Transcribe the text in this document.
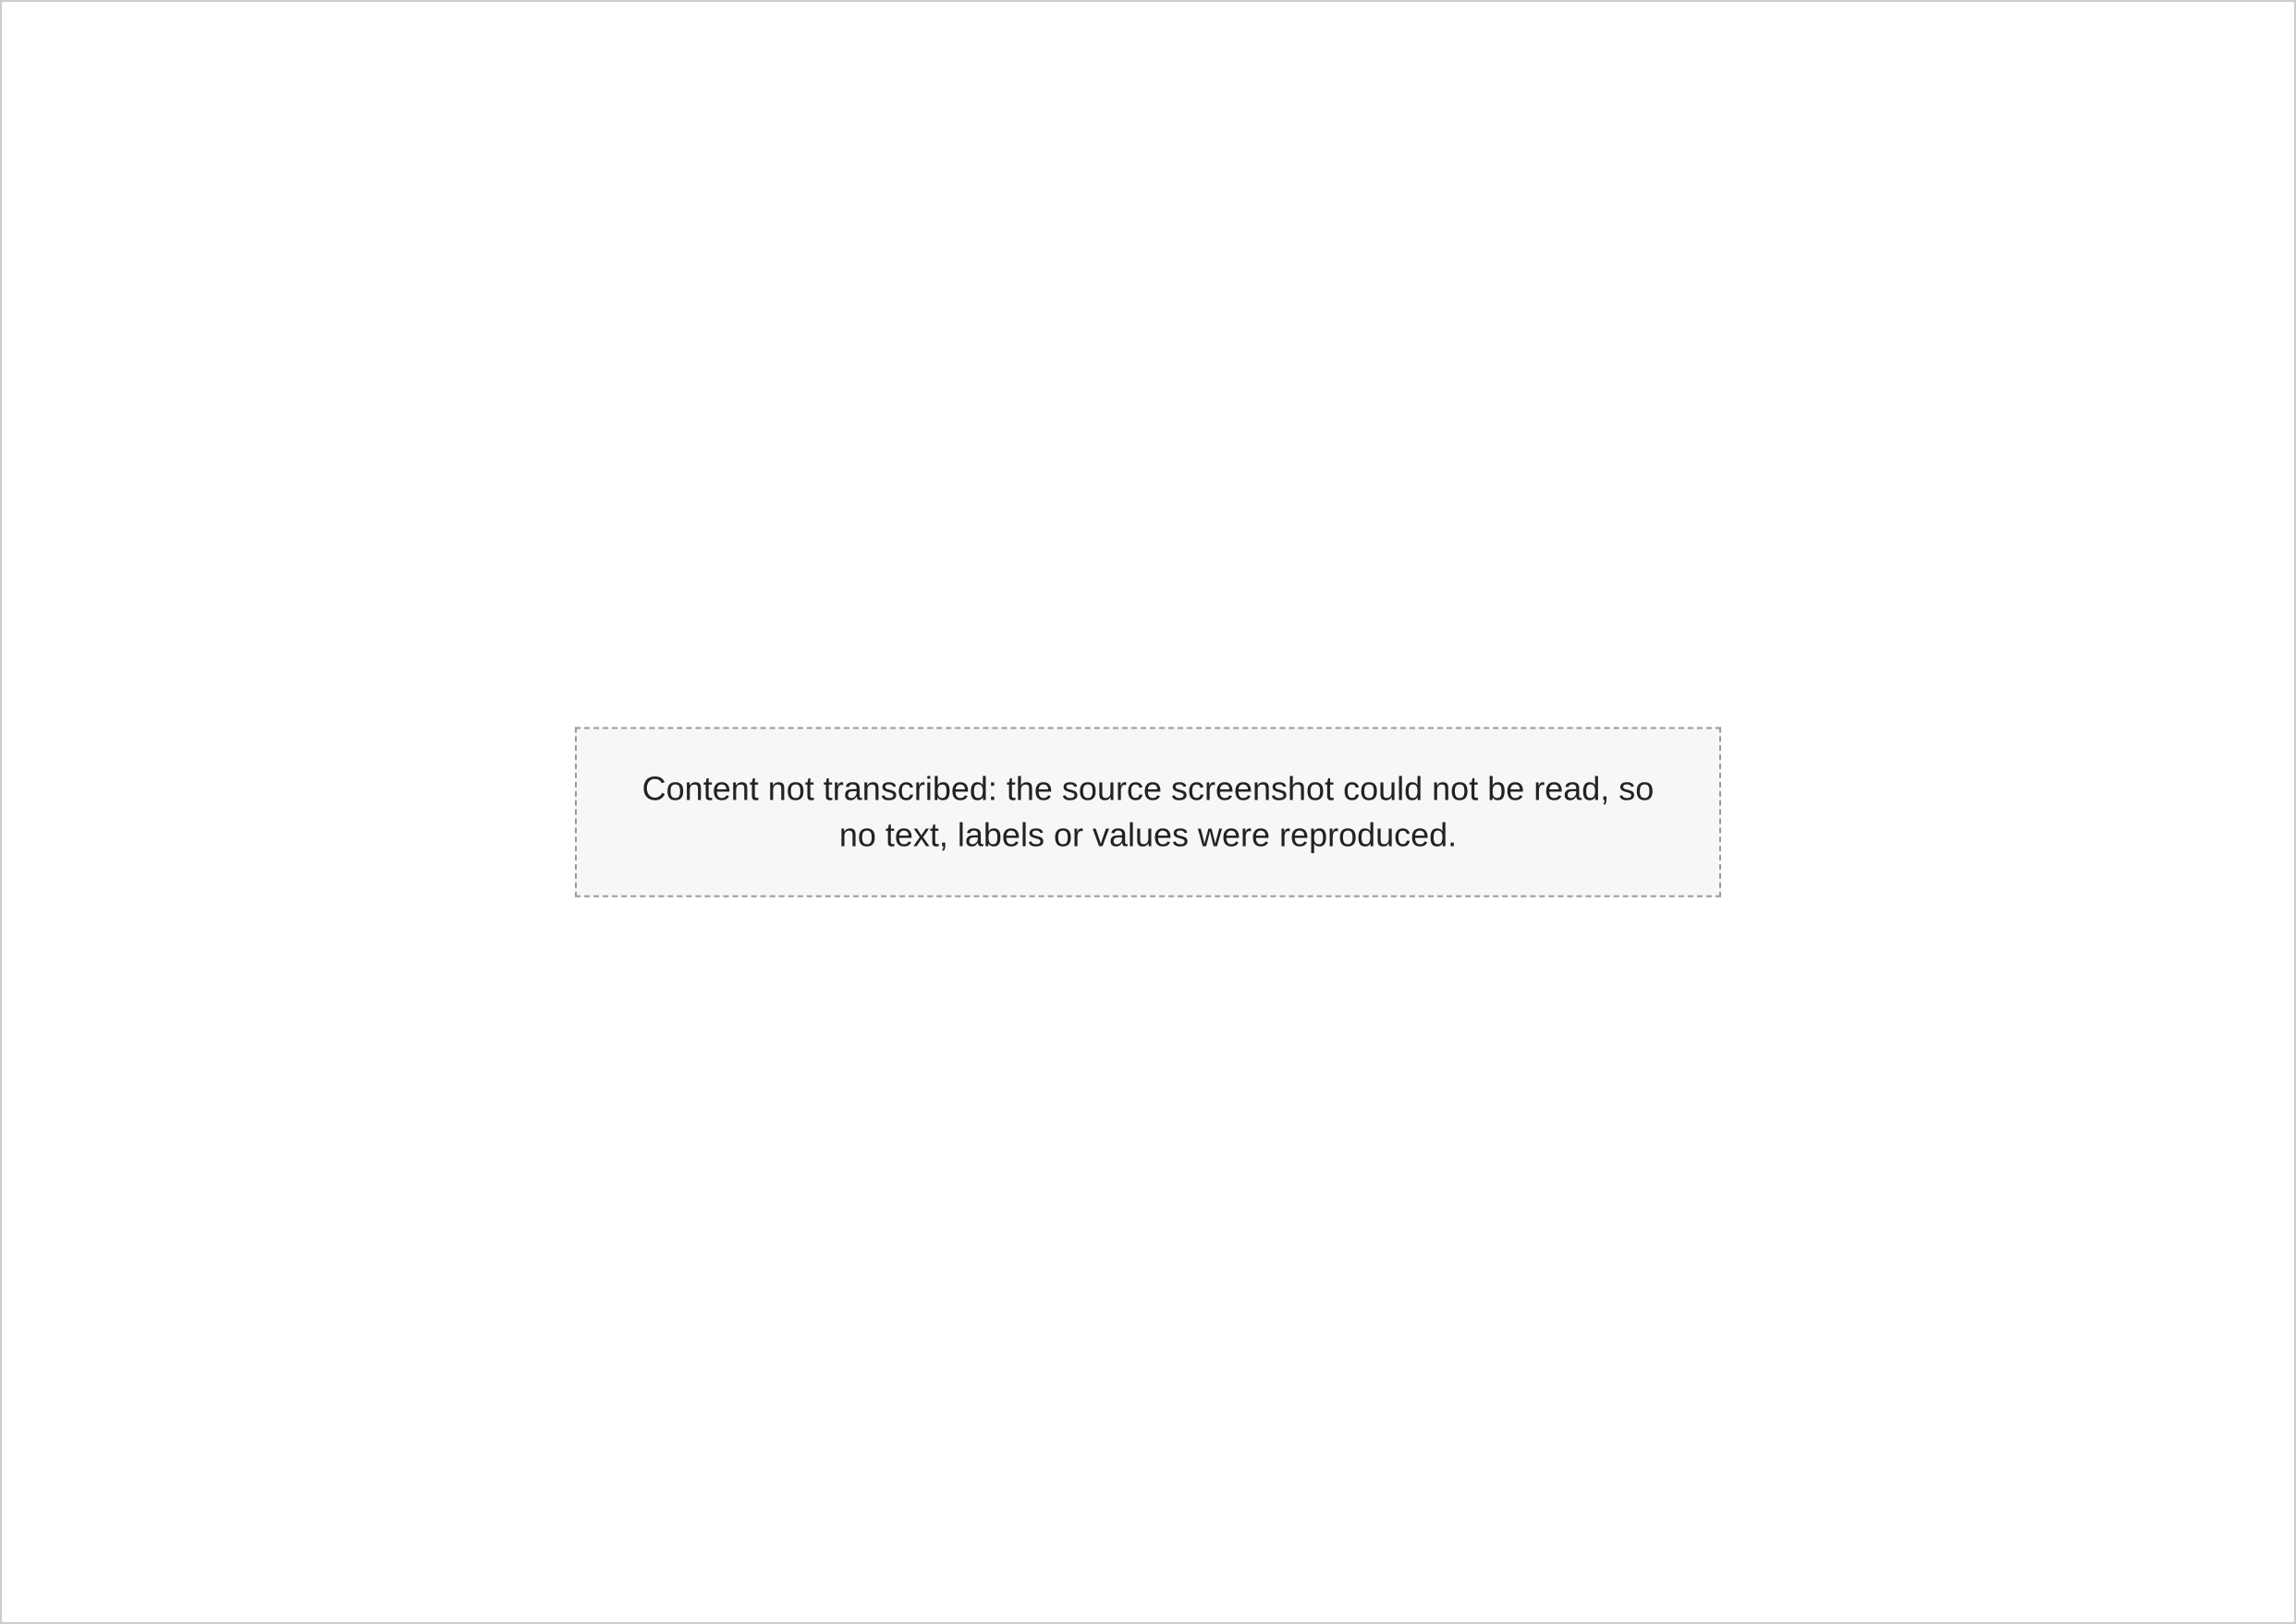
Content not transcribed: the source screenshot could not be read, so no text, labels or values were reproduced.
